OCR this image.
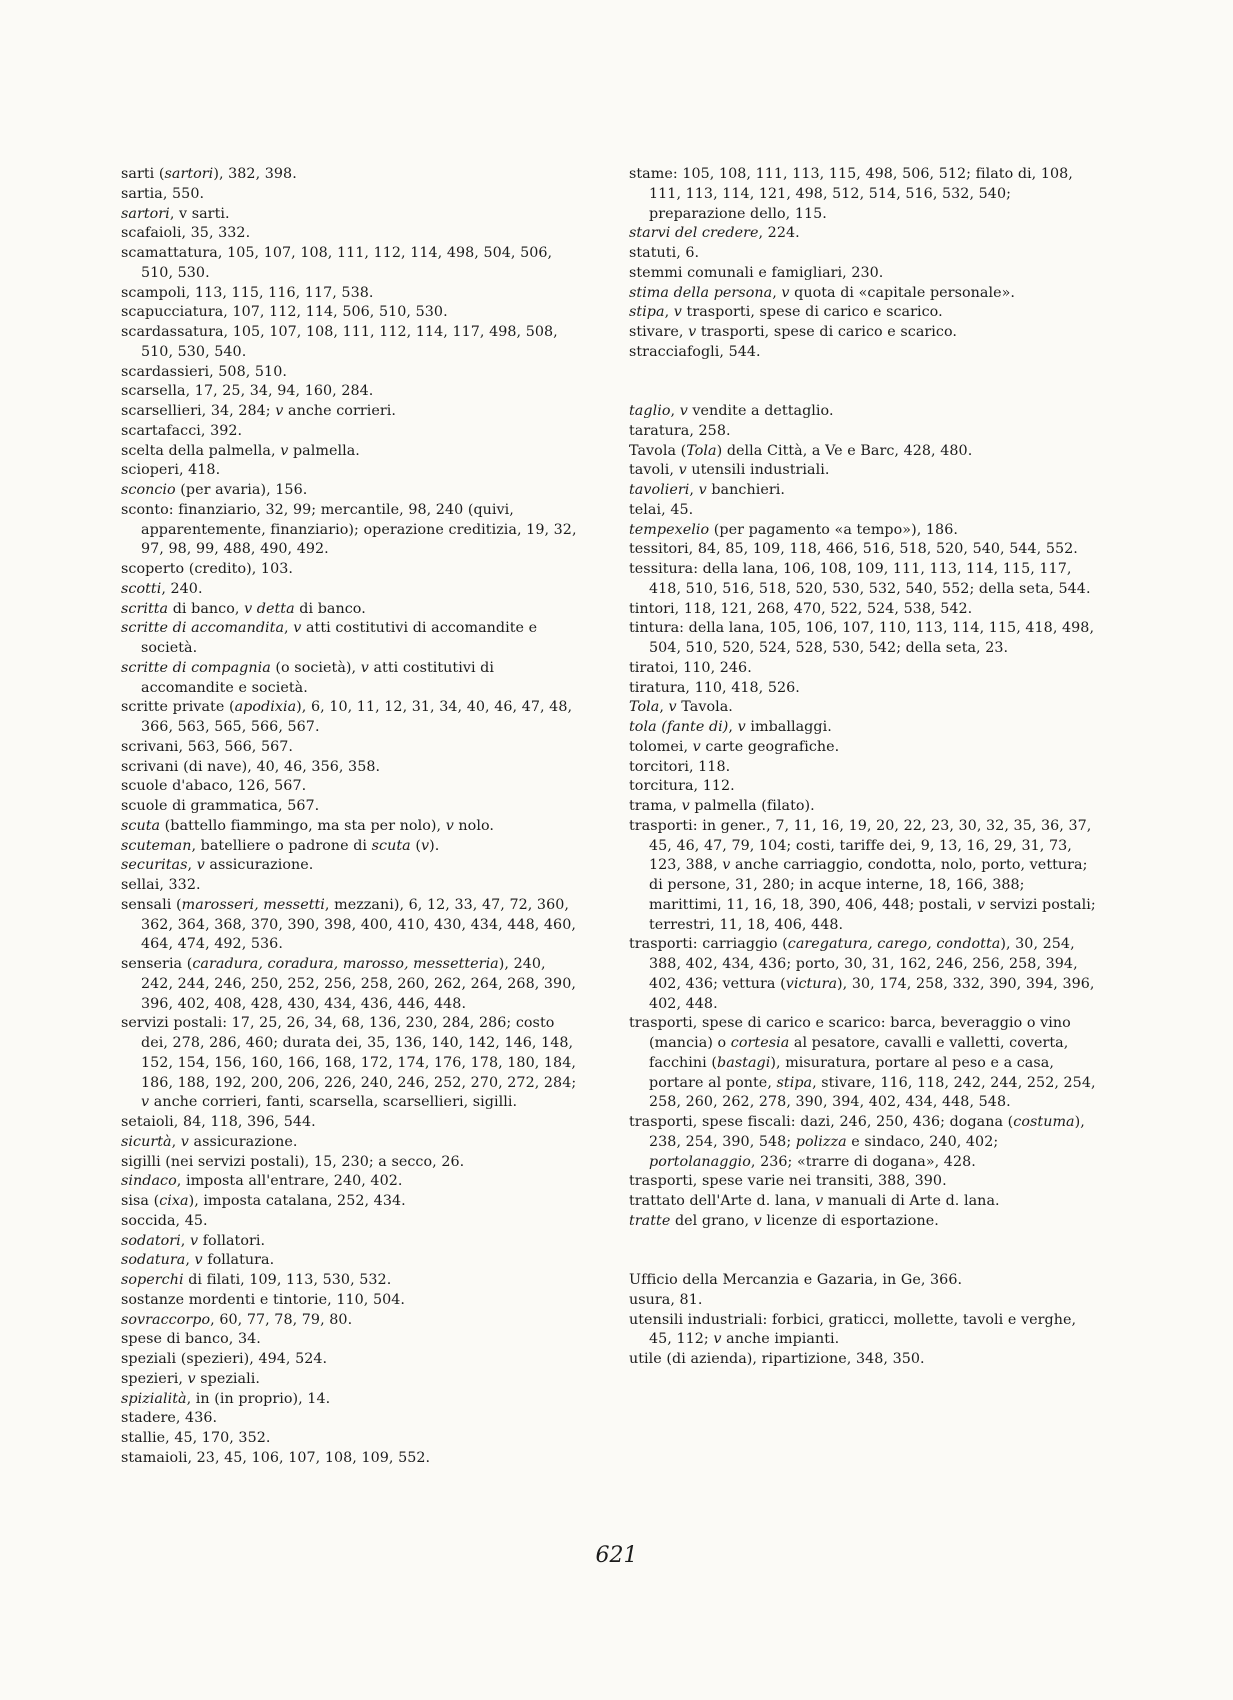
sarti (sartori), 382, 398.
sartia, 550.
sartori, v sarti.
scafaioli, 35, 332.
scamattatura, 105, 107, 108, 111, 112, 114, 498, 504, 506, 510, 530.
scampoli, 113, 115, 116, 117, 538.
scapucciatura, 107, 112, 114, 506, 510, 530.
scardassatura, 105, 107, 108, 111, 112, 114, 117, 498, 508, 510, 530, 540.
scardassieri, 508, 510.
scarsella, 17, 25, 34, 94, 160, 284.
scarsellieri, 34, 284; v anche corrieri.
scartafacci, 392.
scelta della palmella, v palmella.
scioperi, 418.
sconcio (per avaria), 156.
sconto: finanziario, 32, 99; mercantile, 98, 240 (quivi, apparentemente, finanziario); operazione creditizia, 19, 32, 97, 98, 99, 488, 490, 492.
scoperto (credito), 103.
scotti, 240.
scritta di banco, v detta di banco.
scritte di accomandita, v atti costitutivi di accomandite e società.
scritte di compagnia (o società), v atti costitutivi di accomandite e società.
scritte private (apodixia), 6, 10, 11, 12, 31, 34, 40, 46, 47, 48, 366, 563, 565, 566, 567.
scrivani, 563, 566, 567.
scrivani (di nave), 40, 46, 356, 358.
scuole d'abaco, 126, 567.
scuole di grammatica, 567.
scuta (battello fiammingo, ma sta per nolo), v nolo.
scuteman, batelliere o padrone di scuta (v).
securitas, v assicurazione.
sellai, 332.
sensali (marosseri, messetti, mezzani), 6, 12, 33, 47, 72, 360, 362, 364, 368, 370, 390, 398, 400, 410, 430, 434, 448, 460, 464, 474, 492, 536.
senseria (caradura, coradura, marosso, messetteria), 240, 242, 244, 246, 250, 252, 256, 258, 260, 262, 264, 268, 390, 396, 402, 408, 428, 430, 434, 436, 446, 448.
servizi postali: 17, 25, 26, 34, 68, 136, 230, 284, 286; costo dei, 278, 286, 460; durata dei, 35, 136, 140, 142, 146, 148, 152, 154, 156, 160, 166, 168, 172, 174, 176, 178, 180, 184, 186, 188, 192, 200, 206, 226, 240, 246, 252, 270, 272, 284; v anche corrieri, fanti, scarsella, scarsellieri, sigilli.
setaioli, 84, 118, 396, 544.
sicurtà, v assicurazione.
sigilli (nei servizi postali), 15, 230; a secco, 26.
sindaco, imposta all'entrare, 240, 402.
sisa (cixa), imposta catalana, 252, 434.
soccida, 45.
sodatori, v follatori.
sodatura, v follatura.
soperchi di filati, 109, 113, 530, 532.
sostanze mordenti e tintorie, 110, 504.
sovraccorpo, 60, 77, 78, 79, 80.
spese di banco, 34.
speziali (spezieri), 494, 524.
spezieri, v speziali.
spizialità, in (in proprio), 14.
stadere, 436.
stallie, 45, 170, 352.
stamaioli, 23, 45, 106, 107, 108, 109, 552.
stame: 105, 108, 111, 113, 115, 498, 506, 512; filato di, 108, 111, 113, 114, 121, 498, 512, 514, 516, 532, 540; preparazione dello, 115.
starvi del credere, 224.
statuti, 6.
stemmi comunali e famigliari, 230.
stima della persona, v quota di «capitale personale».
stipa, v trasporti, spese di carico e scarico.
stivare, v trasporti, spese di carico e scarico.
stracciafogli, 544.
taglio, v vendite a dettaglio.
taratura, 258.
Tavola (Tola) della Città, a Ve e Barc, 428, 480.
tavoli, v utensili industriali.
tavolieri, v banchieri.
telai, 45.
tempexelio (per pagamento «a tempo»), 186.
tessitori, 84, 85, 109, 118, 466, 516, 518, 520, 540, 544, 552.
tessitura: della lana, 106, 108, 109, 111, 113, 114, 115, 117, 418, 510, 516, 518, 520, 530, 532, 540, 552; della seta, 544.
tintori, 118, 121, 268, 470, 522, 524, 538, 542.
tintura: della lana, 105, 106, 107, 110, 113, 114, 115, 418, 498, 504, 510, 520, 524, 528, 530, 542; della seta, 23.
tiratoi, 110, 246.
tiratura, 110, 418, 526.
Tola, v Tavola.
tola (fante di), v imballaggi.
tolomei, v carte geografiche.
torcitori, 118.
torcitura, 112.
trama, v palmella (filato).
trasporti: in gener., 7, 11, 16, 19, 20, 22, 23, 30, 32, 35, 36, 37, 45, 46, 47, 79, 104; costi, tariffe dei, 9, 13, 16, 29, 31, 73, 123, 388, v anche carriaggio, condotta, nolo, porto, vettura; di persone, 31, 280; in acque interne, 18, 166, 388; marittimi, 11, 16, 18, 390, 406, 448; postali, v servizi postali; terrestri, 11, 18, 406, 448.
trasporti: carriaggio (caregatura, carego, condotta), 30, 254, 388, 402, 434, 436; porto, 30, 31, 162, 246, 256, 258, 394, 402, 436; vettura (victura), 30, 174, 258, 332, 390, 394, 396, 402, 448.
trasporti, spese di carico e scarico: barca, beveraggio o vino (mancia) o cortesia al pesatore, cavalli e valletti, coverta, facchini (bastagi), misuratura, portare al peso e a casa, portare al ponte, stipa, stivare, 116, 118, 242, 244, 252, 254, 258, 260, 262, 278, 390, 394, 402, 434, 448, 548.
trasporti, spese fiscali: dazi, 246, 250, 436; dogana (costuma), 238, 254, 390, 548; polizza e sindaco, 240, 402; portolanaggio, 236; «trarre di dogana», 428.
trasporti, spese varie nei transiti, 388, 390.
trattato dell'Arte d. lana, v manuali di Arte d. lana.
tratte del grano, v licenze di esportazione.
Ufficio della Mercanzia e Gazaria, in Ge, 366.
usura, 81.
utensili industriali: forbici, graticci, mollette, tavoli e verghe, 45, 112; v anche impianti.
utile (di azienda), ripartizione, 348, 350.
621
